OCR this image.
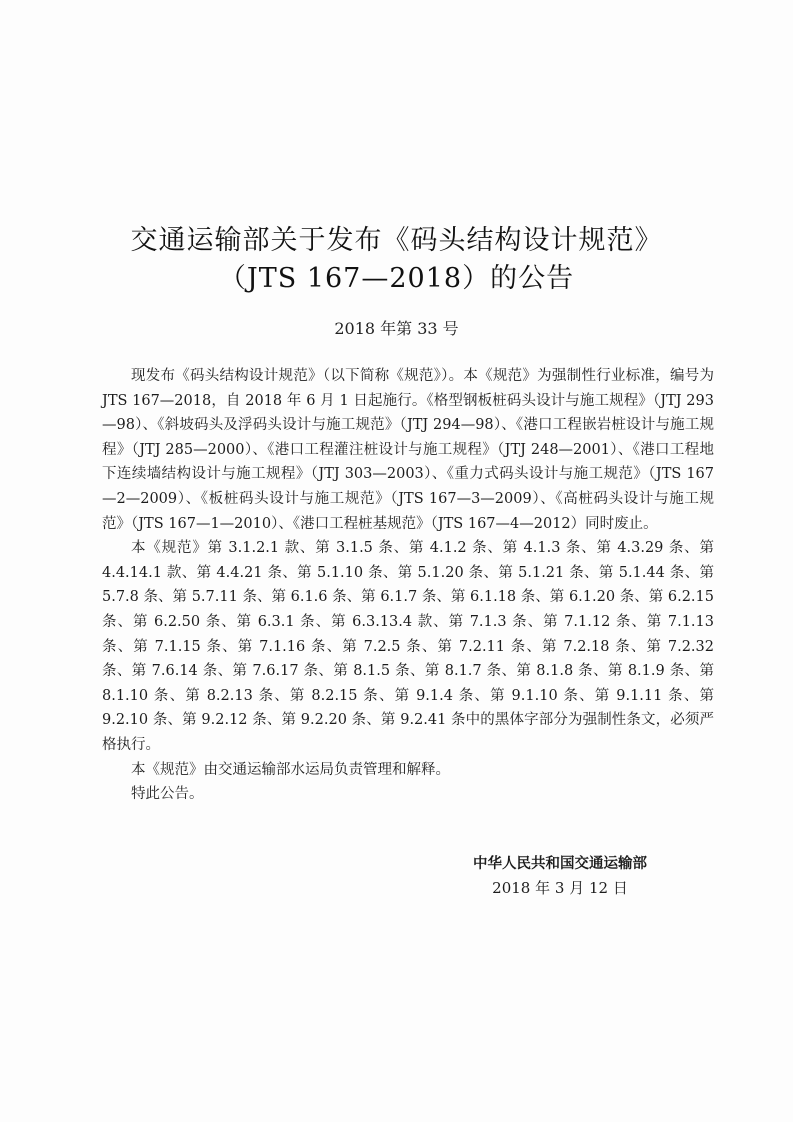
交通运输部关于发布《码头结构设计规范》
（JTS 167—2018）的公告
2018 年第 33 号

现发布《码头结构设计规范》（以下简称《规范》）。本《规范》为强制性行业标准，编号为 JTS 167—2018，自 2018 年 6 月 1 日起施行。《格型钢板桩码头设计与施工规程》（JTJ 293—98）、《斜坡码头及浮码头设计与施工规范》（JTJ 294—98）、《港口工程嵌岩桩设计与施工规程》（JTJ 285—2000）、《港口工程灌注桩设计与施工规程》（JTJ 248—2001）、《港口工程地下连续墙结构设计与施工规程》（JTJ 303—2003）、《重力式码头设计与施工规范》（JTS 167—2—2009）、《板桩码头设计与施工规范》（JTS 167—3—2009）、《高桩码头设计与施工规范》（JTS 167—1—2010）、《港口工程桩基规范》（JTS 167—4—2012）同时废止。

本《规范》第 3.1.2.1 款、第 3.1.5 条、第 4.1.2 条、第 4.1.3 条、第 4.3.29 条、第 4.4.14.1 款、第 4.4.21 条、第 5.1.10 条、第 5.1.20 条、第 5.1.21 条、第 5.1.44 条、第 5.7.8 条、第 5.7.11 条、第 6.1.6 条、第 6.1.7 条、第 6.1.18 条、第 6.1.20 条、第 6.2.15 条、第 6.2.50 条、第 6.3.1 条、第 6.3.13.4 款、第 7.1.3 条、第 7.1.12 条、第 7.1.13 条、第 7.1.15 条、第 7.1.16 条、第 7.2.5 条、第 7.2.11 条、第 7.2.18 条、第 7.2.32 条、第 7.6.14 条、第 7.6.17 条、第 8.1.5 条、第 8.1.7 条、第 8.1.8 条、第 8.1.9 条、第 8.1.10 条、第 8.2.13 条、第 8.2.15 条、第 9.1.4 条、第 9.1.10 条、第 9.1.11 条、第 9.2.10 条、第 9.2.12 条、第 9.2.20 条、第 9.2.41 条中的黑体字部分为强制性条文，必须严格执行。

本《规范》由交通运输部水运局负责管理和解释。

特此公告。

中华人民共和国交通运输部
2018 年 3 月 12 日
